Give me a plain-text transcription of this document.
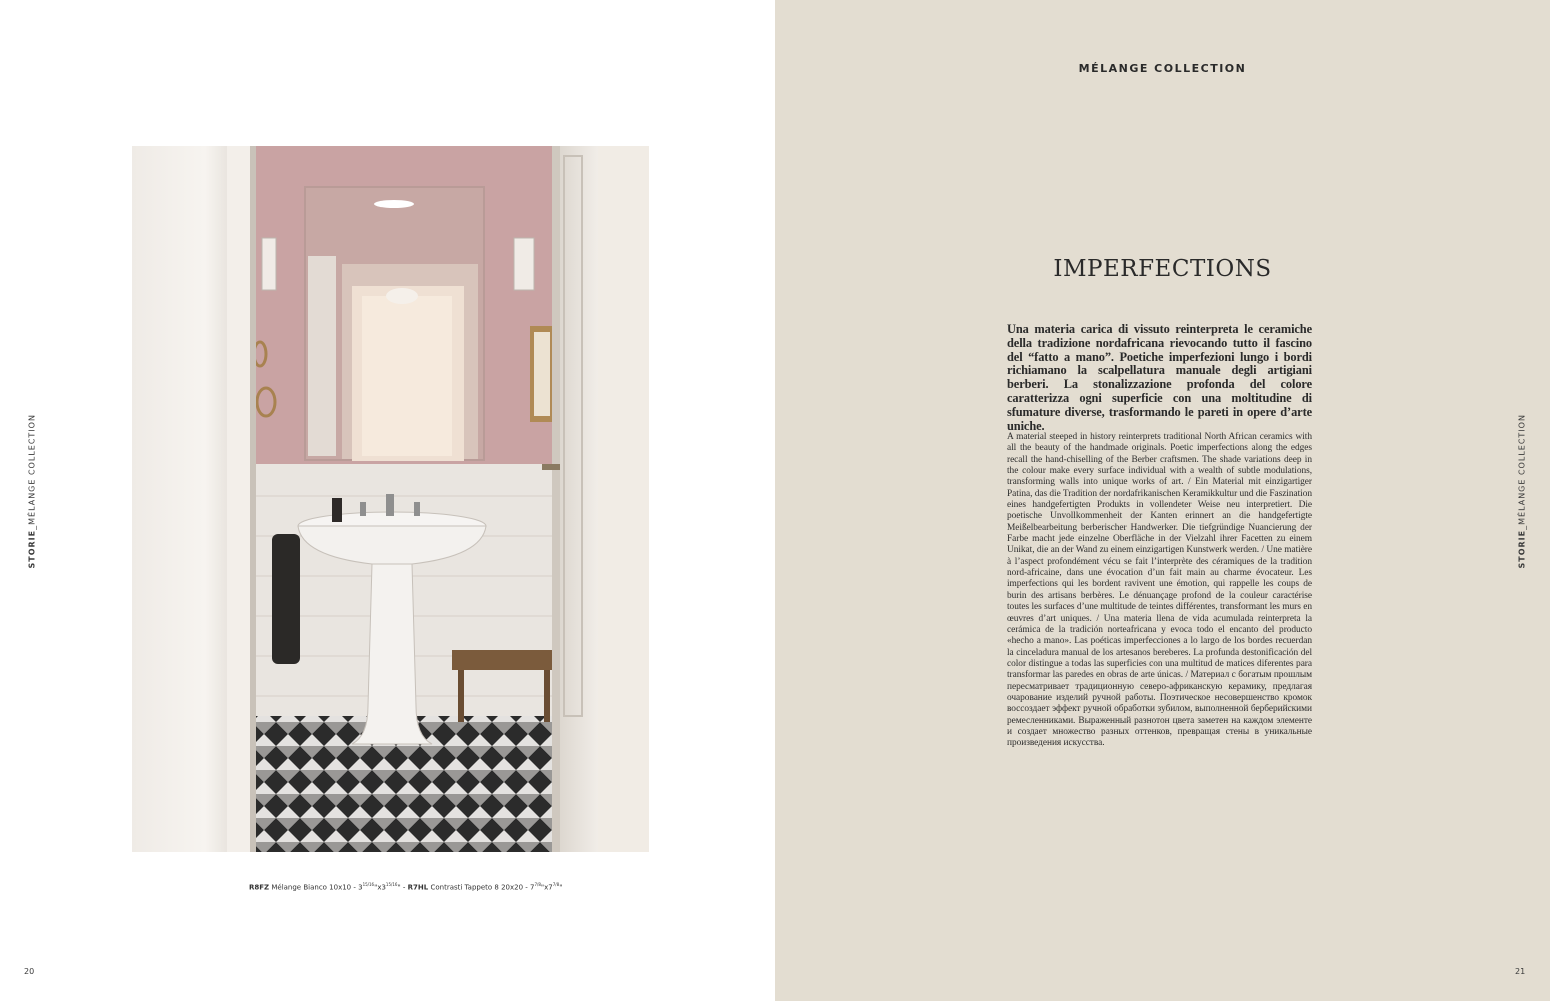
STORIE_MÉLANGE COLLECTION
R8FZ Mélange Bianco $10x10 - 3^{15/16}"x3^{15/16}$" - R7HL Contrasti Tappeto 8 $20x20 - 7^{7/8}"x7^{7/8}$"
20
MÉLANGE COLLECTION
IMPERFECTIONS

Una materia carica di vissuto reinterpreta le ceramiche della tradizione nordafricana rievocando tutto il fascino del “fatto a mano”. Poetiche imperfezioni lungo i bordi richiamano la scalpellatura manuale degli artigiani berberi. La stonalizzazione profonda del colore caratterizza ogni superficie con una moltitudine di sfumature diverse, trasformando le pareti in opere d’arte uniche.

A material steeped in history reinterprets traditional North African ceramics with all the beauty of the handmade originals. Poetic imperfections along the edges recall the hand-chiselling of the Berber craftsmen. The shade variations deep in the colour make every surface individual with a wealth of subtle modulations, transforming walls into unique works of art. / Ein Material mit einzigartiger Patina, das die Tradition der nordafrikanischen Keramikkultur und die Faszination eines handgefertigten Produkts in vollendeter Weise neu interpretiert. Die poetische Unvollkommenheit der Kanten erinnert an die handgefertigte Meißelbearbeitung berberischer Handwerker. Die tiefgründige Nuancierung der Farbe macht jede einzelne Oberfläche in der Vielzahl ihrer Facetten zu einem Unikat, die an der Wand zu einem einzigartigen Kunstwerk werden. / Une matière à l’aspect profondément vécu se fait l’interprète des céramiques de la tradition nord-africaine, dans une évocation d’un fait main au charme évocateur. Les imperfections qui les bordent ravivent une émotion, qui rappelle les coups de burin des artisans berbères. Le dénuançage profond de la couleur caractérise toutes les surfaces d’une multitude de teintes différentes, transformant les murs en œuvres d’art uniques. / Una materia llena de vida acumulada reinterpreta la cerámica de la tradición norteafricana y evoca todo el encanto del producto «hecho a mano». Las poéticas imperfecciones a lo largo de los bordes recuerdan la cinceladura manual de los artesanos bereberes. La profunda destonificación del color distingue a todas las superficies con una multitud de matices diferentes para transformar las paredes en obras de arte únicas. / Материал с богатым прошлым пересматривает традиционную северо-африканскую керамику, предлагая очарование изделий ручной работы. Поэтическое несовершенство кромок воссоздает эффект ручной обработки зубилом, выполненной берберийскими ремесленниками. Выраженный разнотон цвета заметен на каждом элементе и создает множество разных оттенков, превращая стены в уникальные произведения искусства.

STORIE_MÉLANGE COLLECTION
21
